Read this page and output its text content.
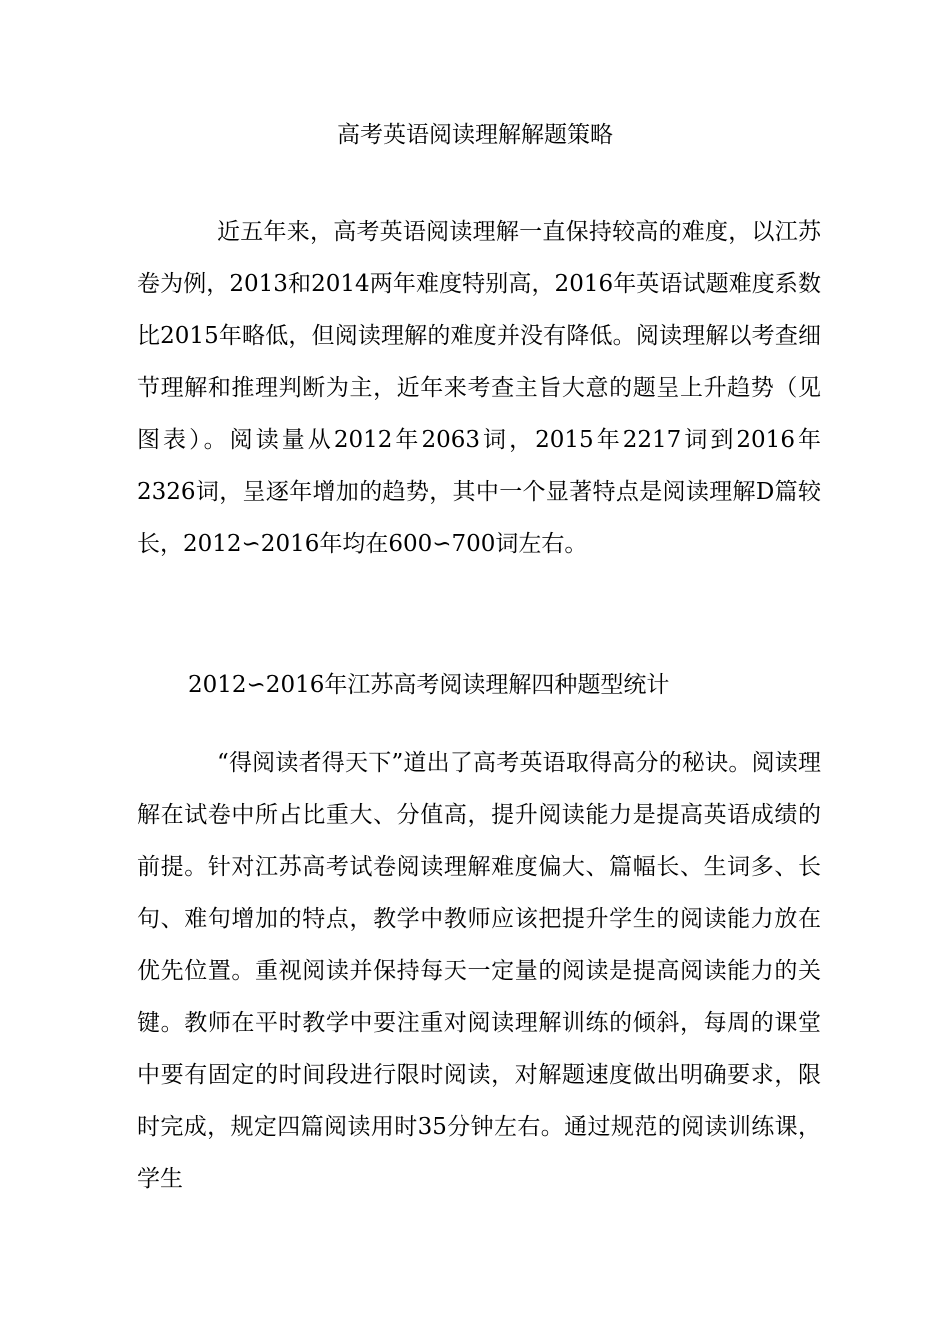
高考英语阅读理解解题策略

近五年来，高考英语阅读理解一直保持较高的难度，以江苏卷为例，2013和2014两年难度特别高，2016年英语试题难度系数比2015年略低，但阅读理解的难度并没有降低。阅读理解以考查细节理解和推理判断为主，近年来考查主旨大意的题呈上升趋势（见图表）。阅读量从2012年2063词，2015年2217词到2016年2326词，呈逐年增加的趋势，其中一个显著特点是阅读理解D篇较长，2012∽2016年均在600∽700词左右。

2012∽2016年江苏高考阅读理解四种题型统计

“得阅读者得天下”道出了高考英语取得高分的秘诀。阅读理解在试卷中所占比重大、分值高，提升阅读能力是提高英语成绩的前提。针对江苏高考试卷阅读理解难度偏大、篇幅长、生词多、长句、难句增加的特点，教学中教师应该把提升学生的阅读能力放在优先位置。重视阅读并保持每天一定量的阅读是提高阅读能力的关键。教师在平时教学中要注重对阅读理解训练的倾斜，每周的课堂中要有固定的时间段进行限时阅读，对解题速度做出明确要求，限时完成，规定四篇阅读用时35分钟左右。通过规范的阅读训练课，学生
